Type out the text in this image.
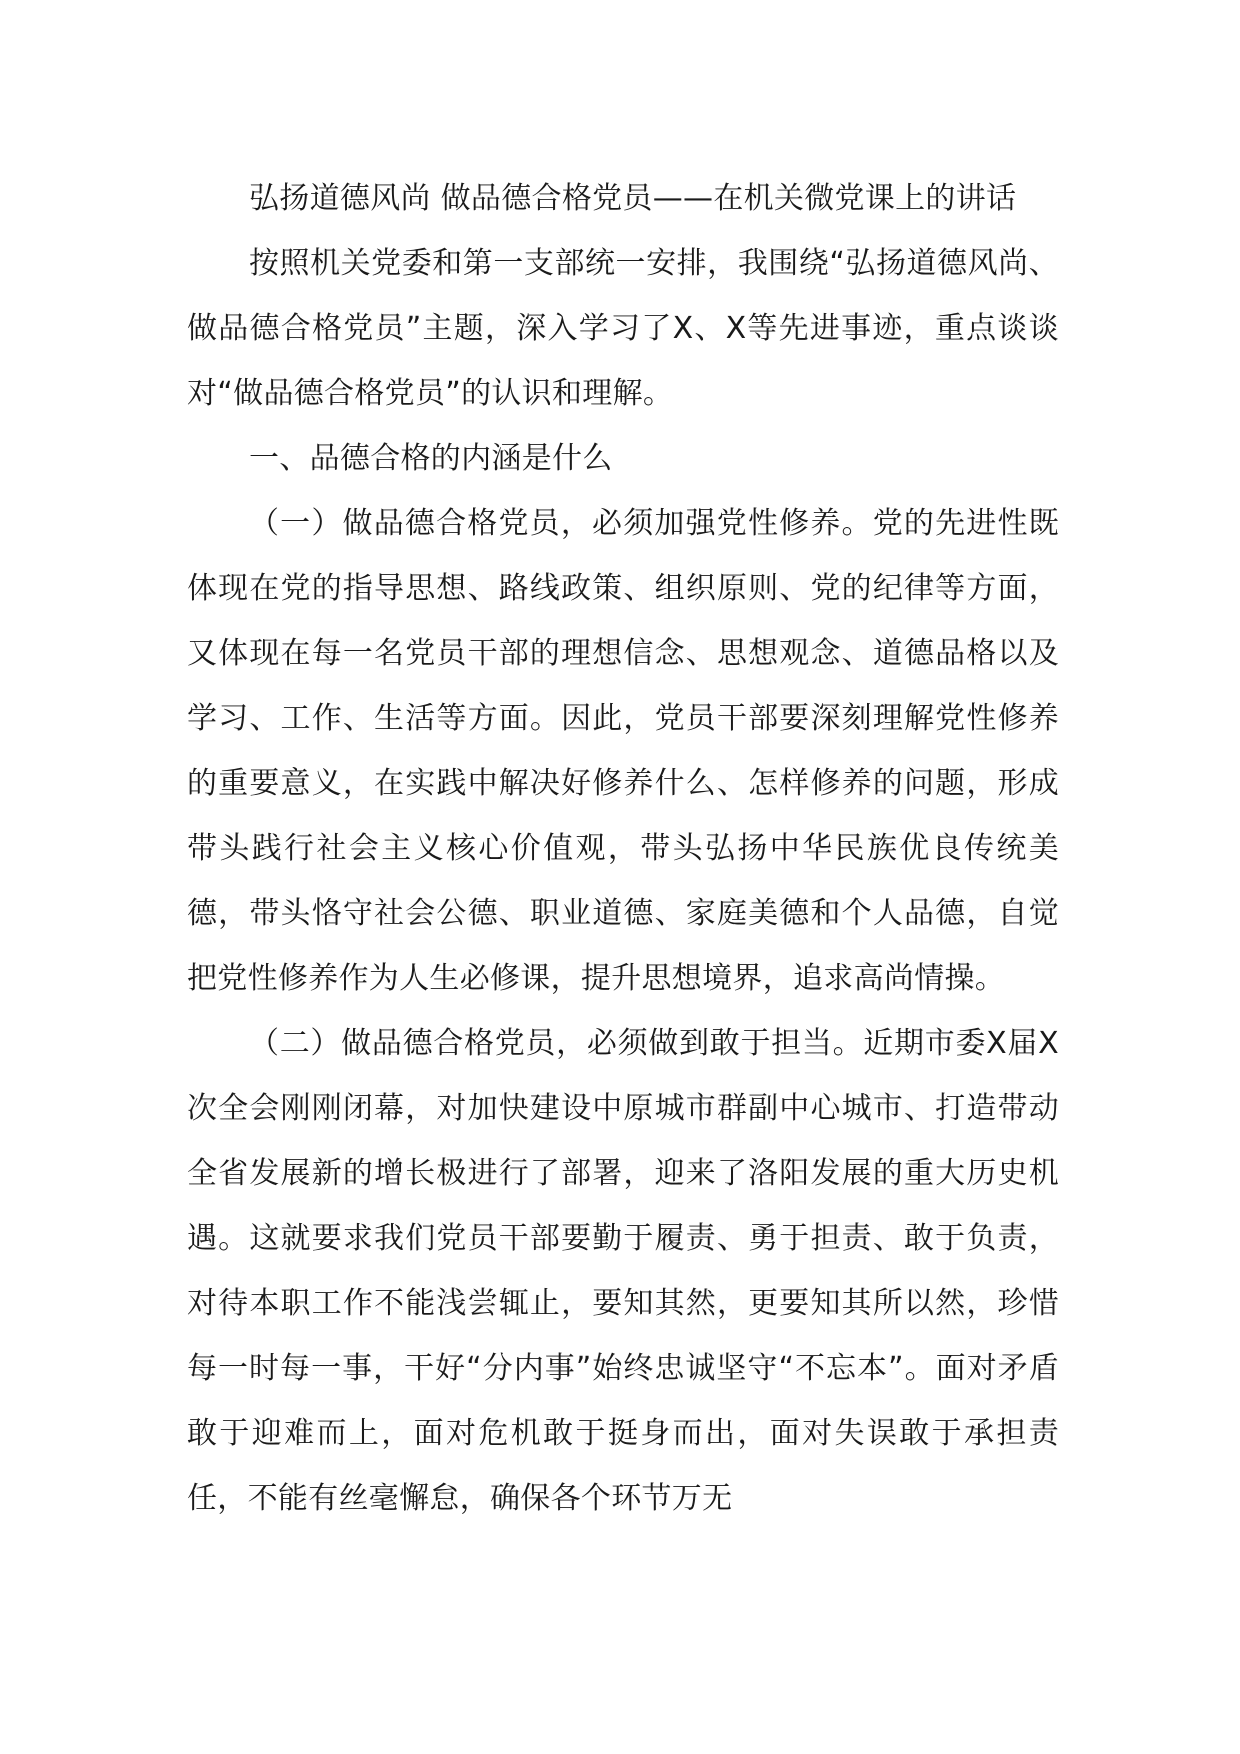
弘扬道德风尚 做品德合格党员——在机关微党课上的讲话

按照机关党委和第一支部统一安排，我围绕“弘扬道德风尚、做品德合格党员”主题，深入学习了X、X等先进事迹，重点谈谈对“做品德合格党员”的认识和理解。

一、品德合格的内涵是什么

（一）做品德合格党员，必须加强党性修养。党的先进性既体现在党的指导思想、路线政策、组织原则、党的纪律等方面，又体现在每一名党员干部的理想信念、思想观念、道德品格以及学习、工作、生活等方面。因此，党员干部要深刻理解党性修养的重要意义，在实践中解决好修养什么、怎样修养的问题，形成带头践行社会主义核心价值观，带头弘扬中华民族优良传统美德，带头恪守社会公德、职业道德、家庭美德和个人品德，自觉把党性修养作为人生必修课，提升思想境界，追求高尚情操。

（二）做品德合格党员，必须做到敢于担当。近期市委X届X次全会刚刚闭幕，对加快建设中原城市群副中心城市、打造带动全省发展新的增长极进行了部署，迎来了洛阳发展的重大历史机遇。这就要求我们党员干部要勤于履责、勇于担责、敢于负责，对待本职工作不能浅尝辄止，要知其然，更要知其所以然，珍惜每一时每一事，干好“分内事”始终忠诚坚守“不忘本”。面对矛盾敢于迎难而上，面对危机敢于挺身而出，面对失误敢于承担责任，不能有丝毫懈怠，确保各个环节万无
